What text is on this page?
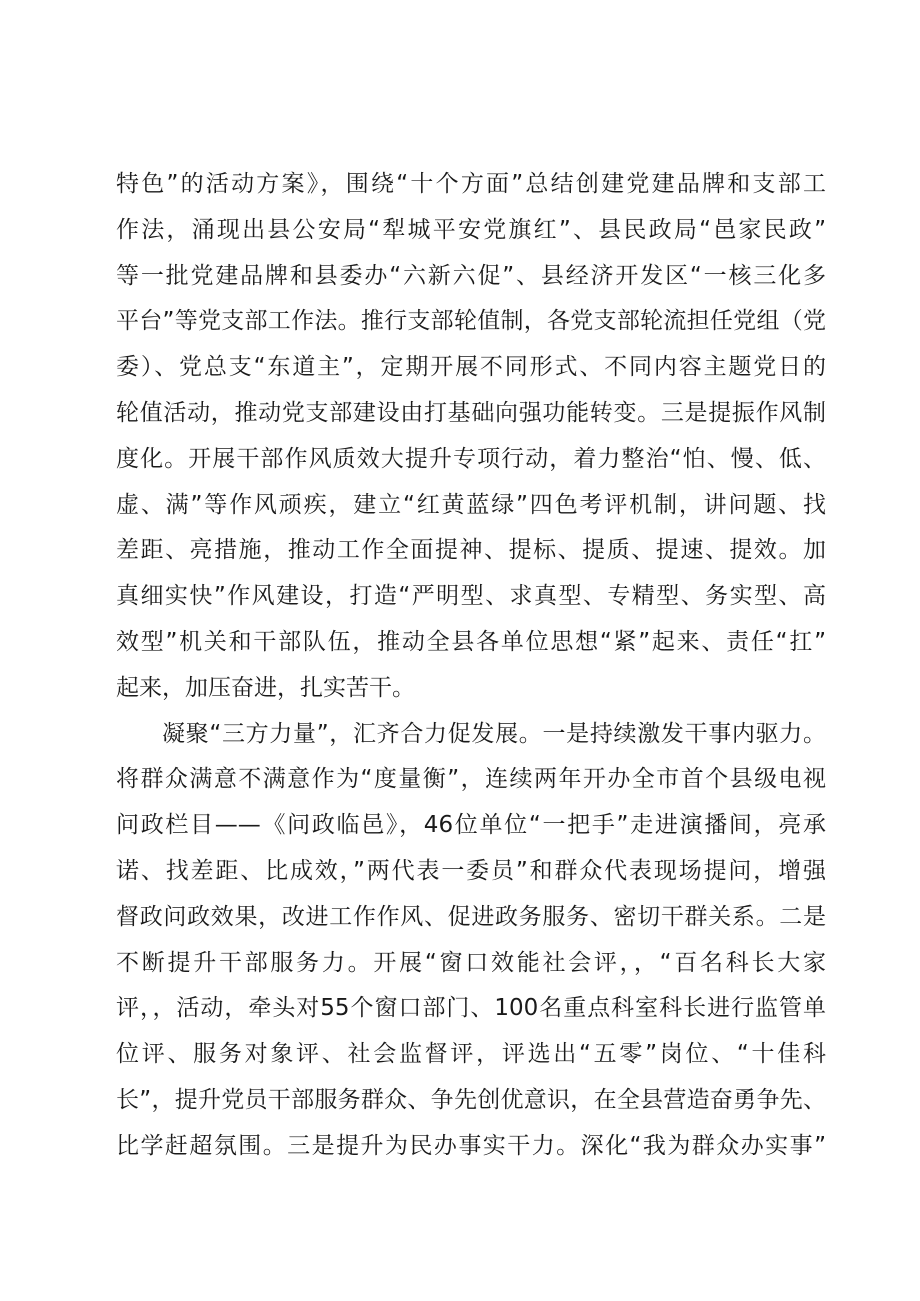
特色”的活动方案》，围绕“十个方面”总结创建党建品牌和支部工
作法，涌现出县公安局“犁城平安党旗红”、县民政局“邑家民政”
等一批党建品牌和县委办“六新六促”、县经济开发区“一核三化多
平台”等党支部工作法。推行支部轮值制，各党支部轮流担任党组（党
委）、党总支“东道主”，定期开展不同形式、不同内容主题党日的
轮值活动，推动党支部建设由打基础向强功能转变。三是提振作风制
度化。开展干部作风质效大提升专项行动，着力整治“怕、慢、低、
虚、满”等作风顽疾，建立“红黄蓝绿”四色考评机制，讲问题、找
差距、亮措施，推动工作全面提神、提标、提质、提速、提效。加
真细实快”作风建设，打造“严明型、求真型、专精型、务实型、高
效型”机关和干部队伍，推动全县各单位思想“紧”起来、责任“扛”
起来，加压奋进，扎实苦干。
凝聚“三方力量”，汇齐合力促发展。一是持续激发干事内驱力。
将群众满意不满意作为“度量衡”，连续两年开办全市首个县级电视
问政栏目——《问政临邑》，46位单位“一把手”走进演播间，亮承
诺、找差距、比成效，”两代表一委员”和群众代表现场提问，增强
督政问政效果，改进工作作风、促进政务服务、密切干群关系。二是
不断提升干部服务力。开展“窗口效能社会评，，“百名科长大家
评，，活动，牵头对55个窗口部门、100名重点科室科长进行监管单
位评、服务对象评、社会监督评，评选出“五零”岗位、“十佳科
长”，提升党员干部服务群众、争先创优意识，在全县营造奋勇争先、
比学赶超氛围。三是提升为民办事实干力。深化“我为群众办实事”
